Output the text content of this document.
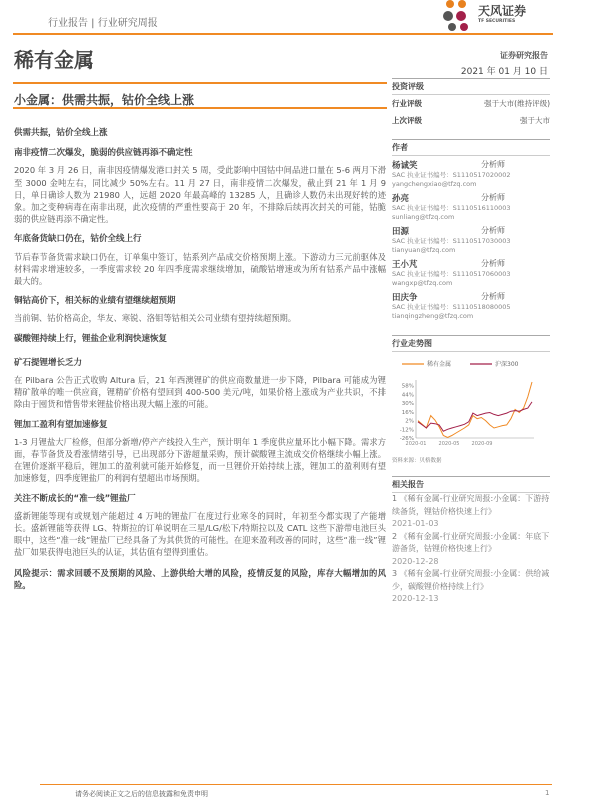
行业报告 | 行业研究周报
天风证券
TF SECURITIES
稀有金属	证券研究报告
2021 年 01 月 10 日
小金属：供需共振，钴价全线上涨
供需共振，钴价全线上涨
南非疫情二次爆发，脆弱的供应链再添不确定性

2020 年 3 月 26 日，南非因疫情爆发港口封关 5 周，受此影响中国钴中间品进口量在 5-6 两月下滑至 3000 金吨左右，同比减少 50%左右。11 月 27 日，南非疫情二次爆发，截止到 21 年 1 月 9 日，单日确诊人数为 21980 人，远超 2020 年最高峰的 13285 人，且确诊人数仍未出现好转的迹象。加之变种病毒在南非出现，此次疫情的严重性要高于 20 年，不排除后续再次封关的可能，钴脆弱的供应链再添不确定性。

年底备货缺口仍在，钴价全线上行

节后春节备货需求缺口仍在，订单集中签订，钴系列产品成交价格预期上涨。下游动力三元前驱体及材料需求增速较多，一季度需求较 20 年四季度需求继续增加，硫酸钴增速或为所有钴系产品中涨幅最大的。

铜钴高价下，相关标的业绩有望继续超预期

当前铜、钴价格高企，华友、寒锐、洛钼等钴相关公司业绩有望持续超预期。

碳酸锂持续上行，锂盐企业利润快速恢复
矿石提锂增长乏力

在 Pilbara 公告正式收购 Altura 后，21 年西澳锂矿的供应商数量进一步下降，Pilbara 可能成为锂精矿散单的唯一供应商，锂精矿价格有望回到 400-500 美元/吨，如果价格上涨成为产业共识，不排除由于囤货和惜售带来锂盐价格出现大幅上涨的可能。

锂加工盈利有望加速修复

1-3 月锂盐大厂检修，但部分新增/停产产线投入生产，预计明年 1 季度供应量环比小幅下降。需求方面，春节备货及看涨情绪引导，已出现部分下游超量采购，预计碳酸锂主流成交价格继续小幅上涨。在锂价逐渐平稳后，锂加工的盈利就可能开始修复，而一旦锂价开始持续上涨，锂加工的盈利则有望加速修复，四季度锂盐厂的利润有望超出市场预期。

关注不断成长的“准一线”锂盐厂

盛新锂能等现有或规划产能超过 4 万吨的锂盐厂在度过行业寒冬的同时，年初至今都实现了产能增长。盛新锂能等获得 LG、特斯拉的订单说明在三星/LG/松下/特斯拉以及 CATL 这些下游带电池巨头眼中，这些“准一线“锂盐厂已经具备了为其供货的可能性。在迎来盈利改善的同时，这些“准一线”锂盐厂如果获得电池巨头的认证，其估值有望得到重估。

风险提示：需求回暖不及预期的风险、上游供给大增的风险，疫情反复的风险，库存大幅增加的风险。

投资评级
行业评级	强于大市(维持评级)
上次评级	强于大市
作者
杨诚笑	分析师
SAC 执业证书编号：S1110517020002
yangchengxiao@tfzq.com
孙亮	分析师
SAC 执业证书编号：S1110516110003
sunliang@tfzq.com
田源	分析师
SAC 执业证书编号：S1110517030003
tianyuan@tfzq.com
王小芃	分析师
SAC 执业证书编号：S1110517060003
wangxp@tfzq.com
田庆争	分析师
SAC 执业证书编号：S1110518080005
tianqingzheng@tfzq.com
行业走势图
稀有金属	沪深300
58%
44%
30%
16%
2%
-12%
-26%
2020-01 2020-05 2020-09
资料来源：贝格数据
相关报告
1 《稀有金属-行业研究周报:小金属：下游持续备货，锂钴价格快速上行》
2021-01-03
2 《稀有金属-行业研究周报:小金属：年底下游备货，钴锂价格快速上行》
2020-12-28
3 《稀有金属-行业研究周报:小金属：供给减少，碳酸锂价格持续上行》
2020-12-13
请务必阅读正文之后的信息披露和免责申明	1
